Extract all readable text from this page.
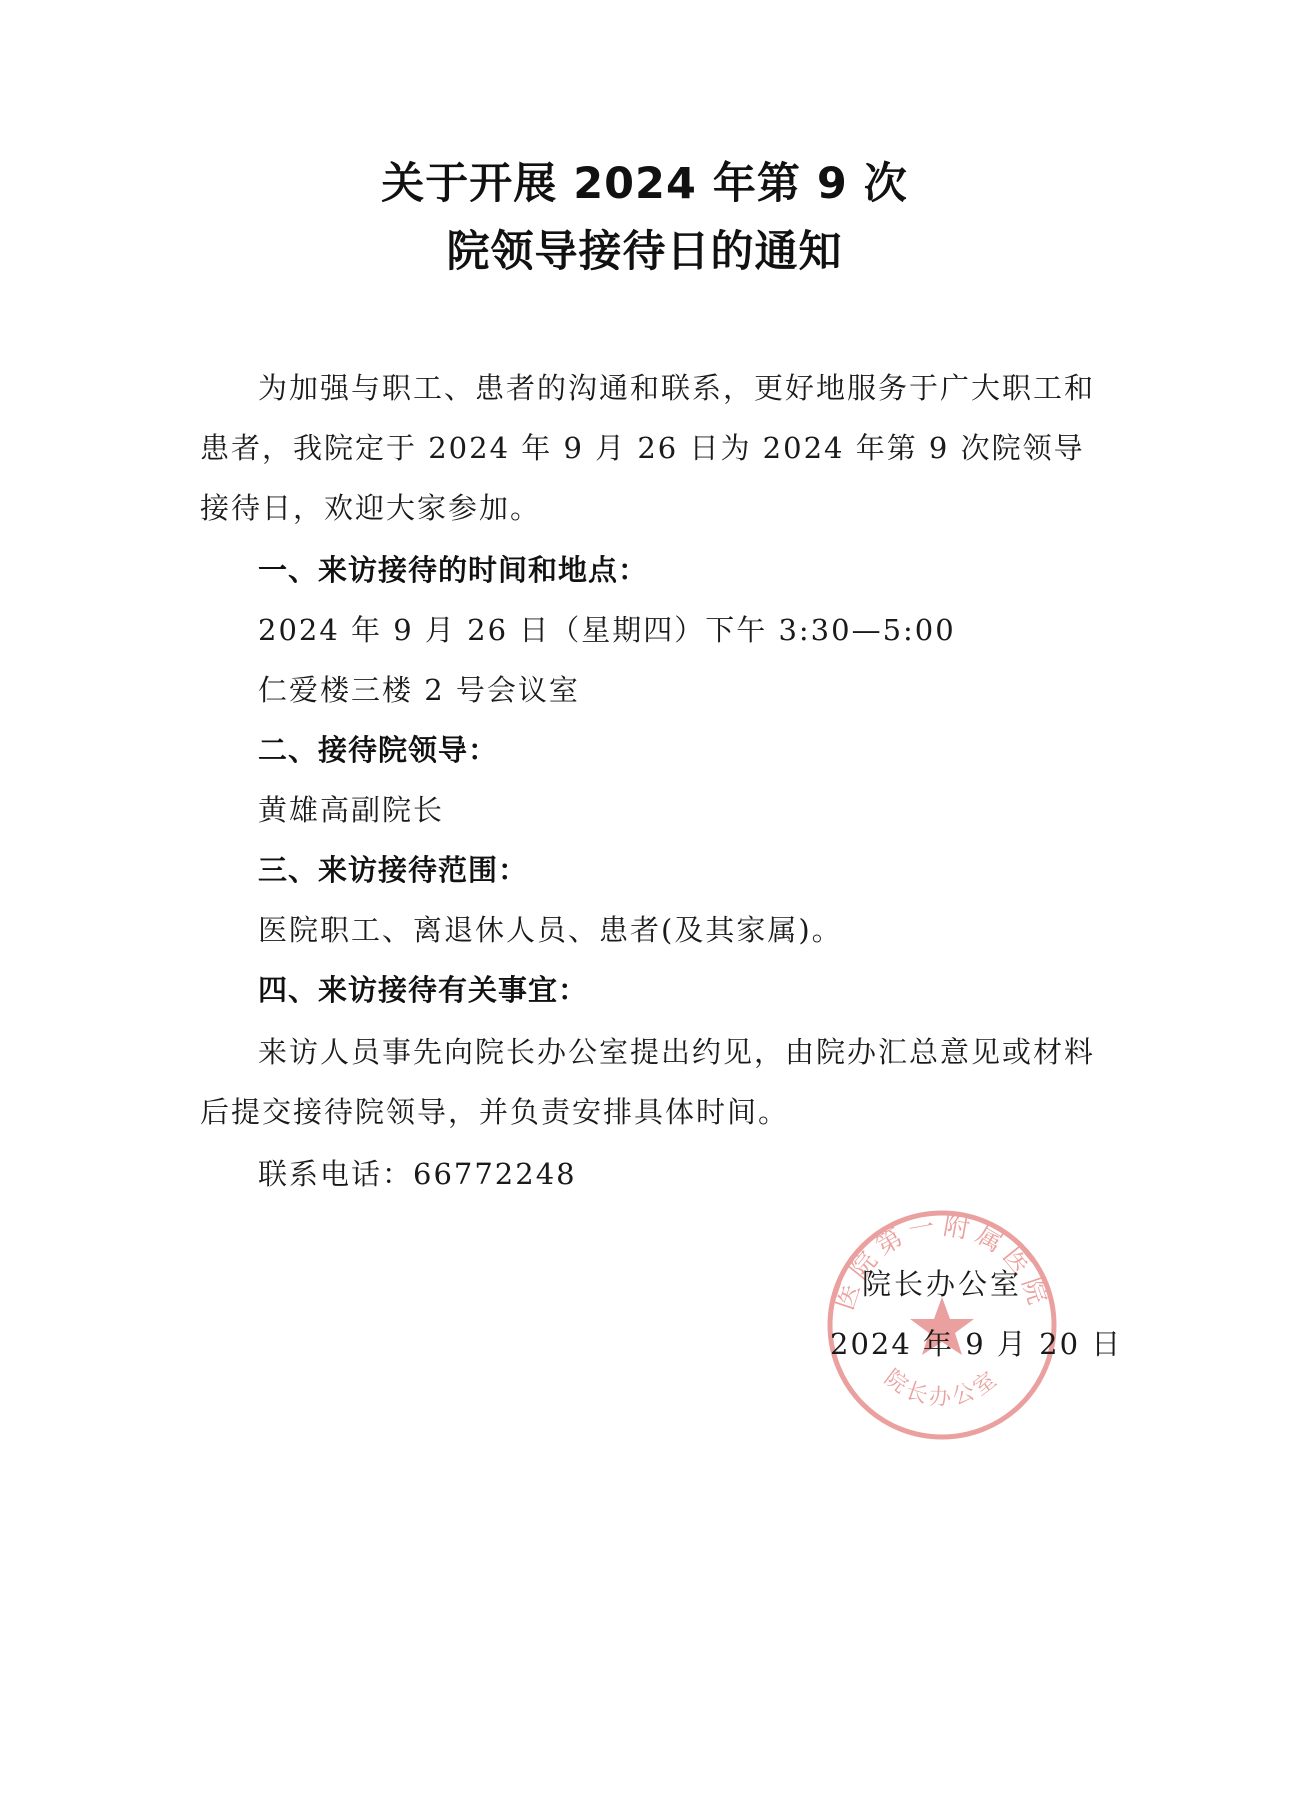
关于开展 2024 年第 9 次
院领导接待日的通知
为加强与职工、患者的沟通和联系，更好地服务于广大职工和患者，我院定于 2024 年 9 月 26 日为 2024 年第 9 次院领导接待日，欢迎大家参加。
一、来访接待的时间和地点：
2024 年 9 月 26 日（星期四）下午 3:30—5:00
仁爱楼三楼 2 号会议室
二、接待院领导：
黄雄高副院长
三、来访接待范围：
医院职工、离退休人员、患者(及其家属)。
四、来访接待有关事宜：
来访人员事先向院长办公室提出约见，由院办汇总意见或材料后提交接待院领导，并负责安排具体时间。
联系电话：66772248
医院第一附属医院
院长办公室
院长办公室
2024 年 9 月 20 日
